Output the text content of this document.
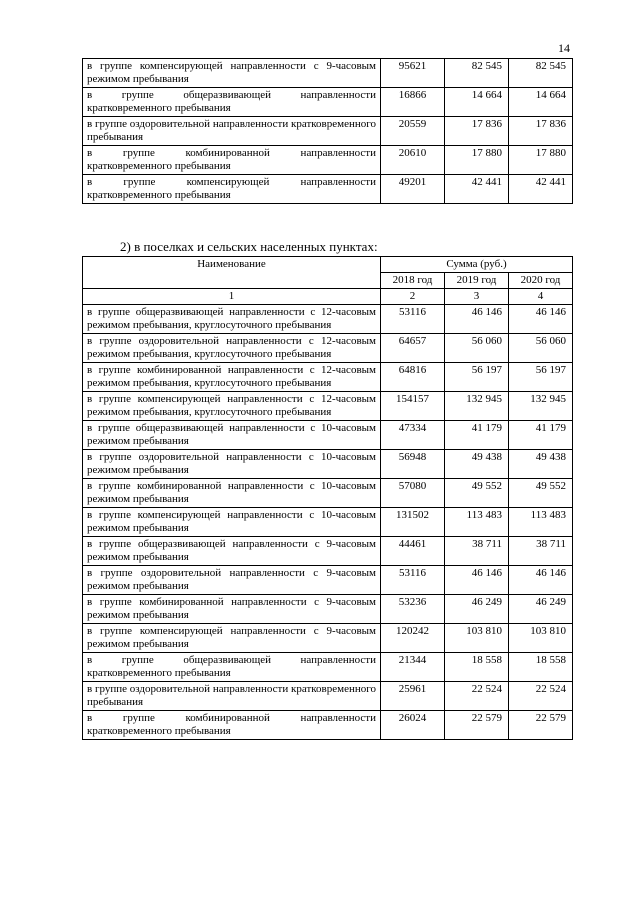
14
в группе компенсирующей направленности с 9-часовым режимом пребывания	95621	82 545	82 545
в группе общеразвивающей направленности кратковременного пребывания	16866	14 664	14 664
в группе оздоровительной направленности кратковременного пребывания	20559	17 836	17 836
в группе комбинированной направленности кратковременного пребывания	20610	17 880	17 880
в группе компенсирующей направленности кратковременного пребывания	49201	42 441	42 441
2) в поселках и сельских населенных пунктах:
Наименование	Сумма (руб.)		
	2018 год	2019 год	2020 год
1	2	3	4
в группе общеразвивающей направленности с 12-часовым режимом пребывания, круглосуточного пребывания	53116	46 146	46 146
в группе оздоровительной направленности с 12-часовым режимом пребывания, круглосуточного пребывания	64657	56 060	56 060
в группе комбинированной направленности с 12-часовым режимом пребывания, круглосуточного пребывания	64816	56 197	56 197
в группе компенсирующей направленности с 12-часовым режимом пребывания, круглосуточного пребывания	154157	132 945	132 945
в группе общеразвивающей направленности с 10-часовым режимом пребывания	47334	41 179	41 179
в группе оздоровительной направленности с 10-часовым режимом пребывания	56948	49 438	49 438
в группе комбинированной направленности с 10-часовым режимом пребывания	57080	49 552	49 552
в группе компенсирующей направленности с 10-часовым режимом пребывания	131502	113 483	113 483
в группе общеразвивающей направленности с 9-часовым режимом пребывания	44461	38 711	38 711
в группе оздоровительной направленности с 9-часовым режимом пребывания	53116	46 146	46 146
в группе комбинированной направленности с 9-часовым режимом пребывания	53236	46 249	46 249
в группе компенсирующей направленности с 9-часовым режимом пребывания	120242	103 810	103 810
в группе общеразвивающей направленности кратковременного пребывания	21344	18 558	18 558
в группе оздоровительной направленности кратковременного пребывания	25961	22 524	22 524
в группе комбинированной направленности кратковременного пребывания	26024	22 579	22 579
